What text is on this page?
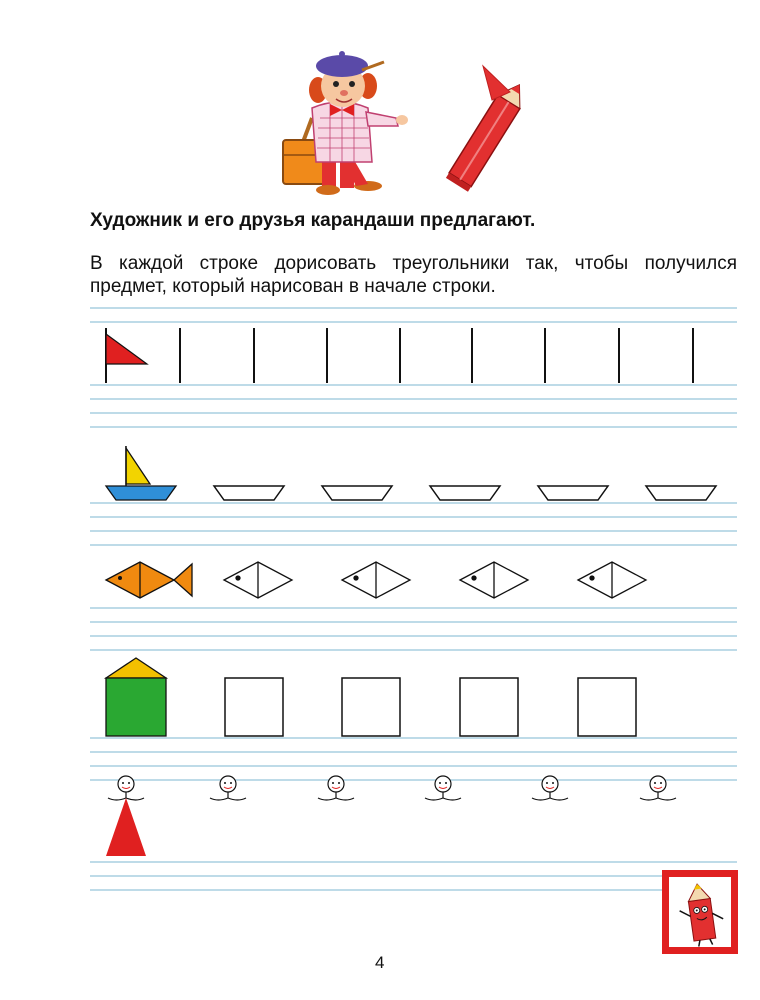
Художник и его друзья карандаши предлагают.
В каждой строке дорисовать треугольники так, чтобы получился предмет, который нарисован в начале строки.
4
